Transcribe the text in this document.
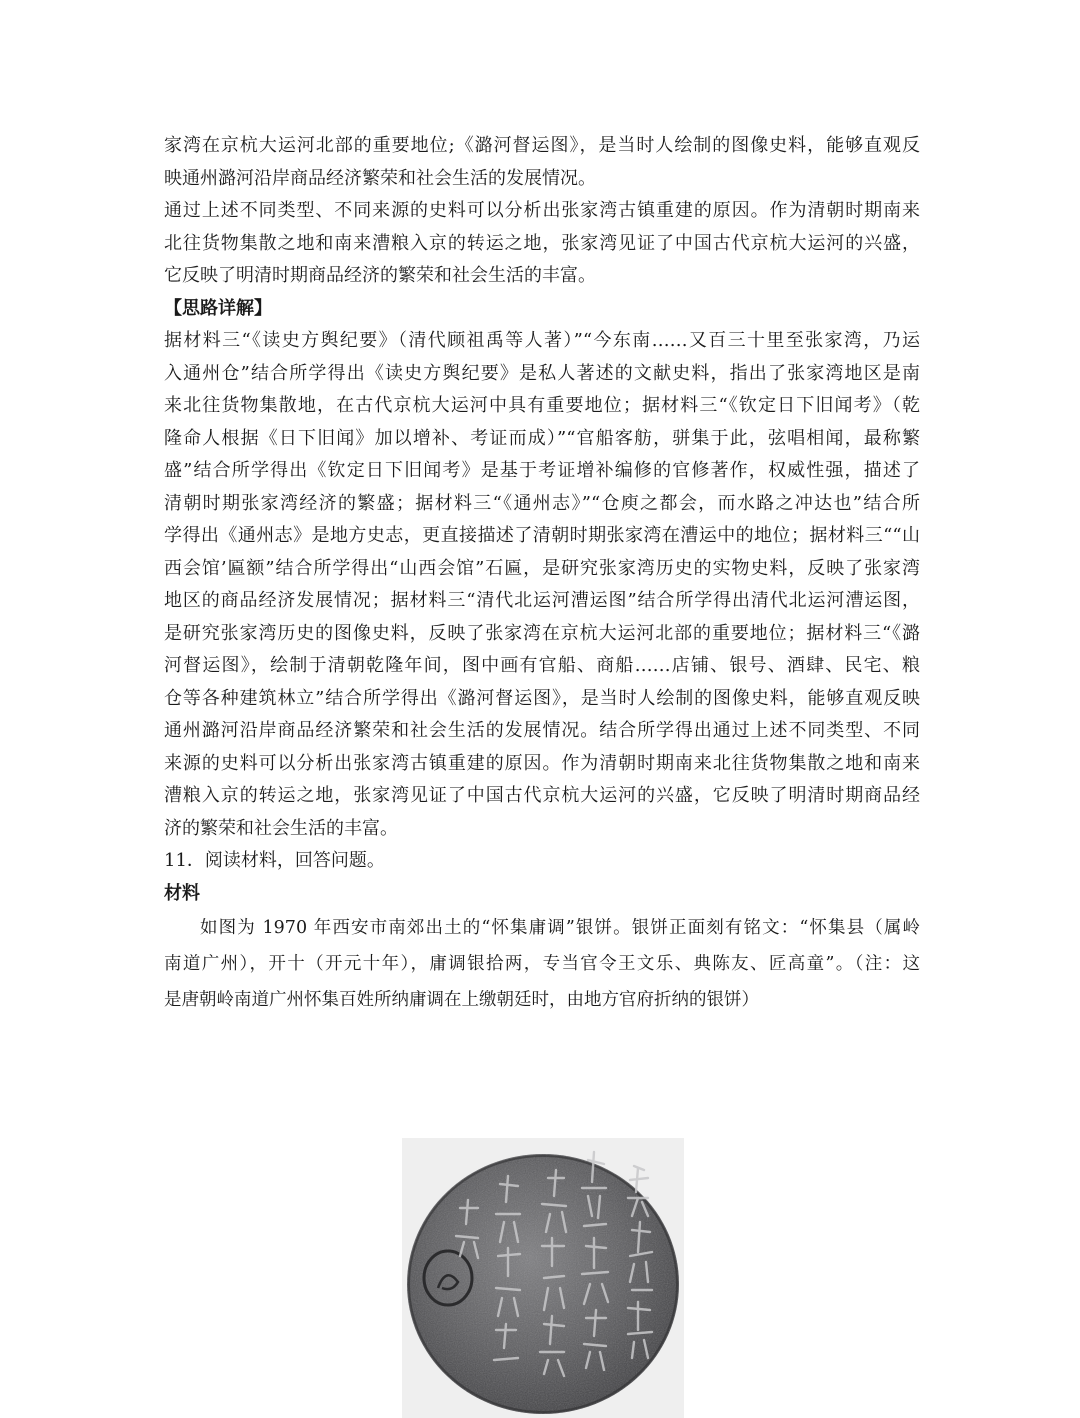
家湾在京杭大运河北部的重要地位;《潞河督运图》，是当时人绘制的图像史料，能够直观反
映通州潞河沿岸商品经济繁荣和社会生活的发展情况。
通过上述不同类型、不同来源的史料可以分析出张家湾古镇重建的原因。作为清朝时期南来
北往货物集散之地和南来漕粮入京的转运之地，张家湾见证了中国古代京杭大运河的兴盛，
它反映了明清时期商品经济的繁荣和社会生活的丰富。
【思路详解】
据材料三“《读史方舆纪要》（清代顾祖禹等人著）”“今东南……又百三十里至张家湾，乃运
入通州仓”结合所学得出《读史方舆纪要》是私人著述的文献史料，指出了张家湾地区是南
来北往货物集散地，在古代京杭大运河中具有重要地位；据材料三“《钦定日下旧闻考》（乾
隆命人根据《日下旧闻》加以增补、考证而成）”“官船客舫，骈集于此，弦唱相闻，最称繁
盛”结合所学得出《钦定日下旧闻考》是基于考证增补编修的官修著作，权威性强，描述了
清朝时期张家湾经济的繁盛；据材料三“《通州志》”“仓庾之都会，而水路之冲达也”结合所
学得出《通州志》是地方史志，更直接描述了清朝时期张家湾在漕运中的地位；据材料三““山
西会馆’匾额”结合所学得出“山西会馆”石匾，是研究张家湾历史的实物史料，反映了张家湾
地区的商品经济发展情况；据材料三“清代北运河漕运图”结合所学得出清代北运河漕运图，
是研究张家湾历史的图像史料，反映了张家湾在京杭大运河北部的重要地位；据材料三“《潞
河督运图》，绘制于清朝乾隆年间，图中画有官船、商船……店铺、银号、酒肆、民宅、粮
仓等各种建筑林立”结合所学得出《潞河督运图》，是当时人绘制的图像史料，能够直观反映
通州潞河沿岸商品经济繁荣和社会生活的发展情况。结合所学得出通过上述不同类型、不同
来源的史料可以分析出张家湾古镇重建的原因。作为清朝时期南来北往货物集散之地和南来
漕粮入京的转运之地，张家湾见证了中国古代京杭大运河的兴盛，它反映了明清时期商品经
济的繁荣和社会生活的丰富。
11．阅读材料，回答问题。
材料
如图为 1970 年西安市南郊出土的“怀集庸调”银饼。银饼正面刻有铭文：“怀集县（属岭
南道广州），开十（开元十年），庸调银拾两，专当官令王文乐、典陈友、匠高童”。（注：这
是唐朝岭南道广州怀集百姓所纳庸调在上缴朝廷时，由地方官府折纳的银饼）
